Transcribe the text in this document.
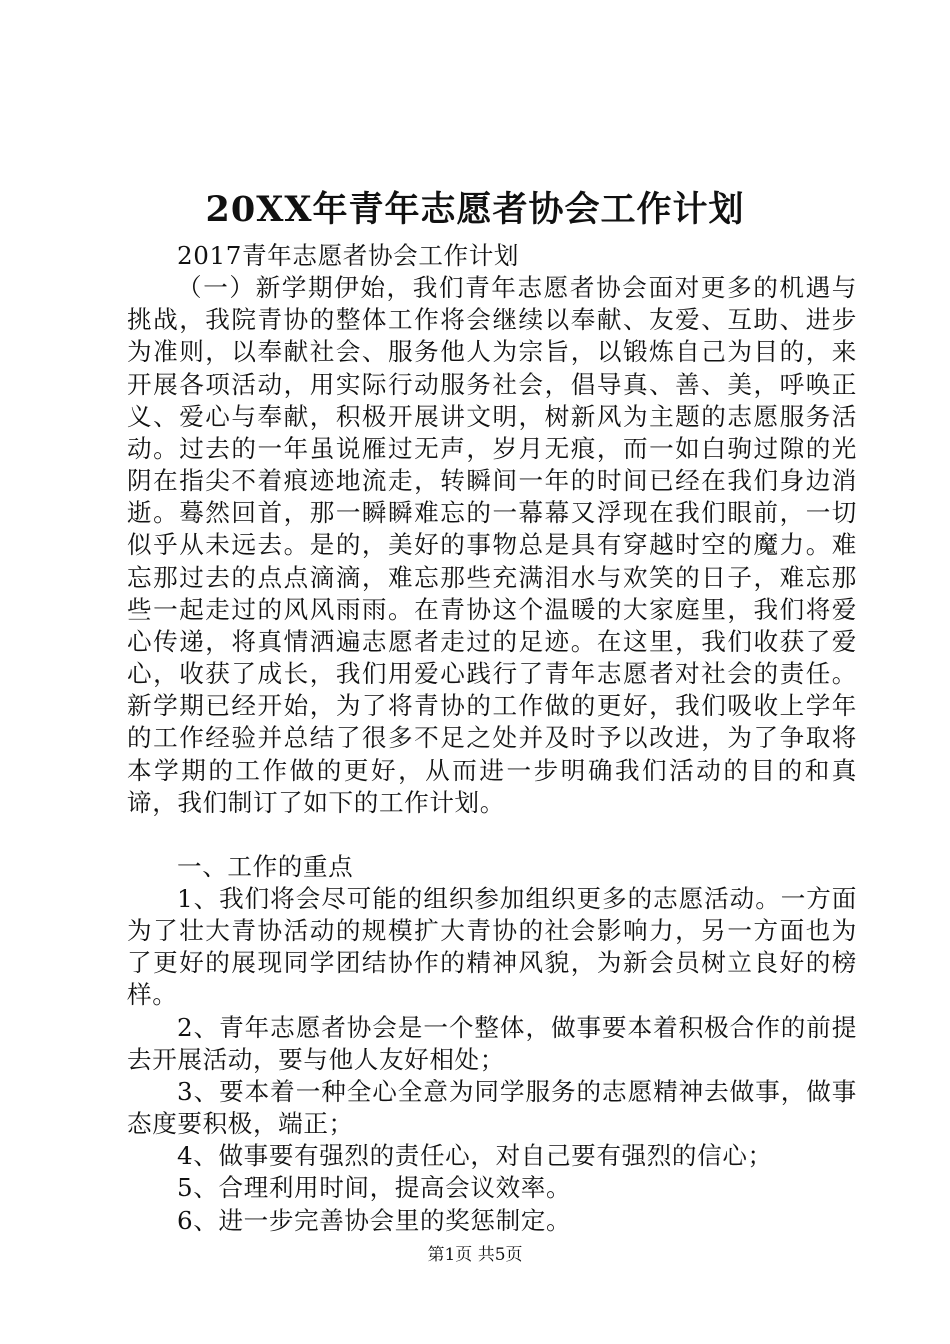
20XX年青年志愿者协会工作计划

2017青年志愿者协会工作计划

（一）新学期伊始，我们青年志愿者协会面对更多的机遇与挑战，我院青协的整体工作将会继续以奉献、友爱、互助、进步为准则，以奉献社会、服务他人为宗旨，以锻炼自己为目的，来开展各项活动，用实际行动服务社会，倡导真、善、美，呼唤正义、爱心与奉献，积极开展讲文明，树新风为主题的志愿服务活动。过去的一年虽说雁过无声，岁月无痕，而一如白驹过隙的光阴在指尖不着痕迹地流走，转瞬间一年的时间已经在我们身边消逝。蓦然回首，那一瞬瞬难忘的一幕幕又浮现在我们眼前，一切似乎从未远去。是的，美好的事物总是具有穿越时空的魔力。难忘那过去的点点滴滴，难忘那些充满泪水与欢笑的日子，难忘那些一起走过的风风雨雨。在青协这个温暖的大家庭里，我们将爱心传递，将真情洒遍志愿者走过的足迹。在这里，我们收获了爱心，收获了成长，我们用爱心践行了青年志愿者对社会的责任。新学期已经开始，为了将青协的工作做的更好，我们吸收上学年的工作经验并总结了很多不足之处并及时予以改进，为了争取将本学期的工作做的更好，从而进一步明确我们活动的目的和真谛，我们制订了如下的工作计划。

一、工作的重点

1、我们将会尽可能的组织参加组织更多的志愿活动。一方面为了壮大青协活动的规模扩大青协的社会影响力，另一方面也为了更好的展现同学团结协作的精神风貌，为新会员树立良好的榜样。

2、青年志愿者协会是一个整体，做事要本着积极合作的前提去开展活动，要与他人友好相处；

3、要本着一种全心全意为同学服务的志愿精神去做事，做事态度要积极，端正；

4、做事要有强烈的责任心，对自己要有强烈的信心；

5、合理利用时间，提高会议效率。

6、进一步完善协会里的奖惩制定。

第1页 共5页
